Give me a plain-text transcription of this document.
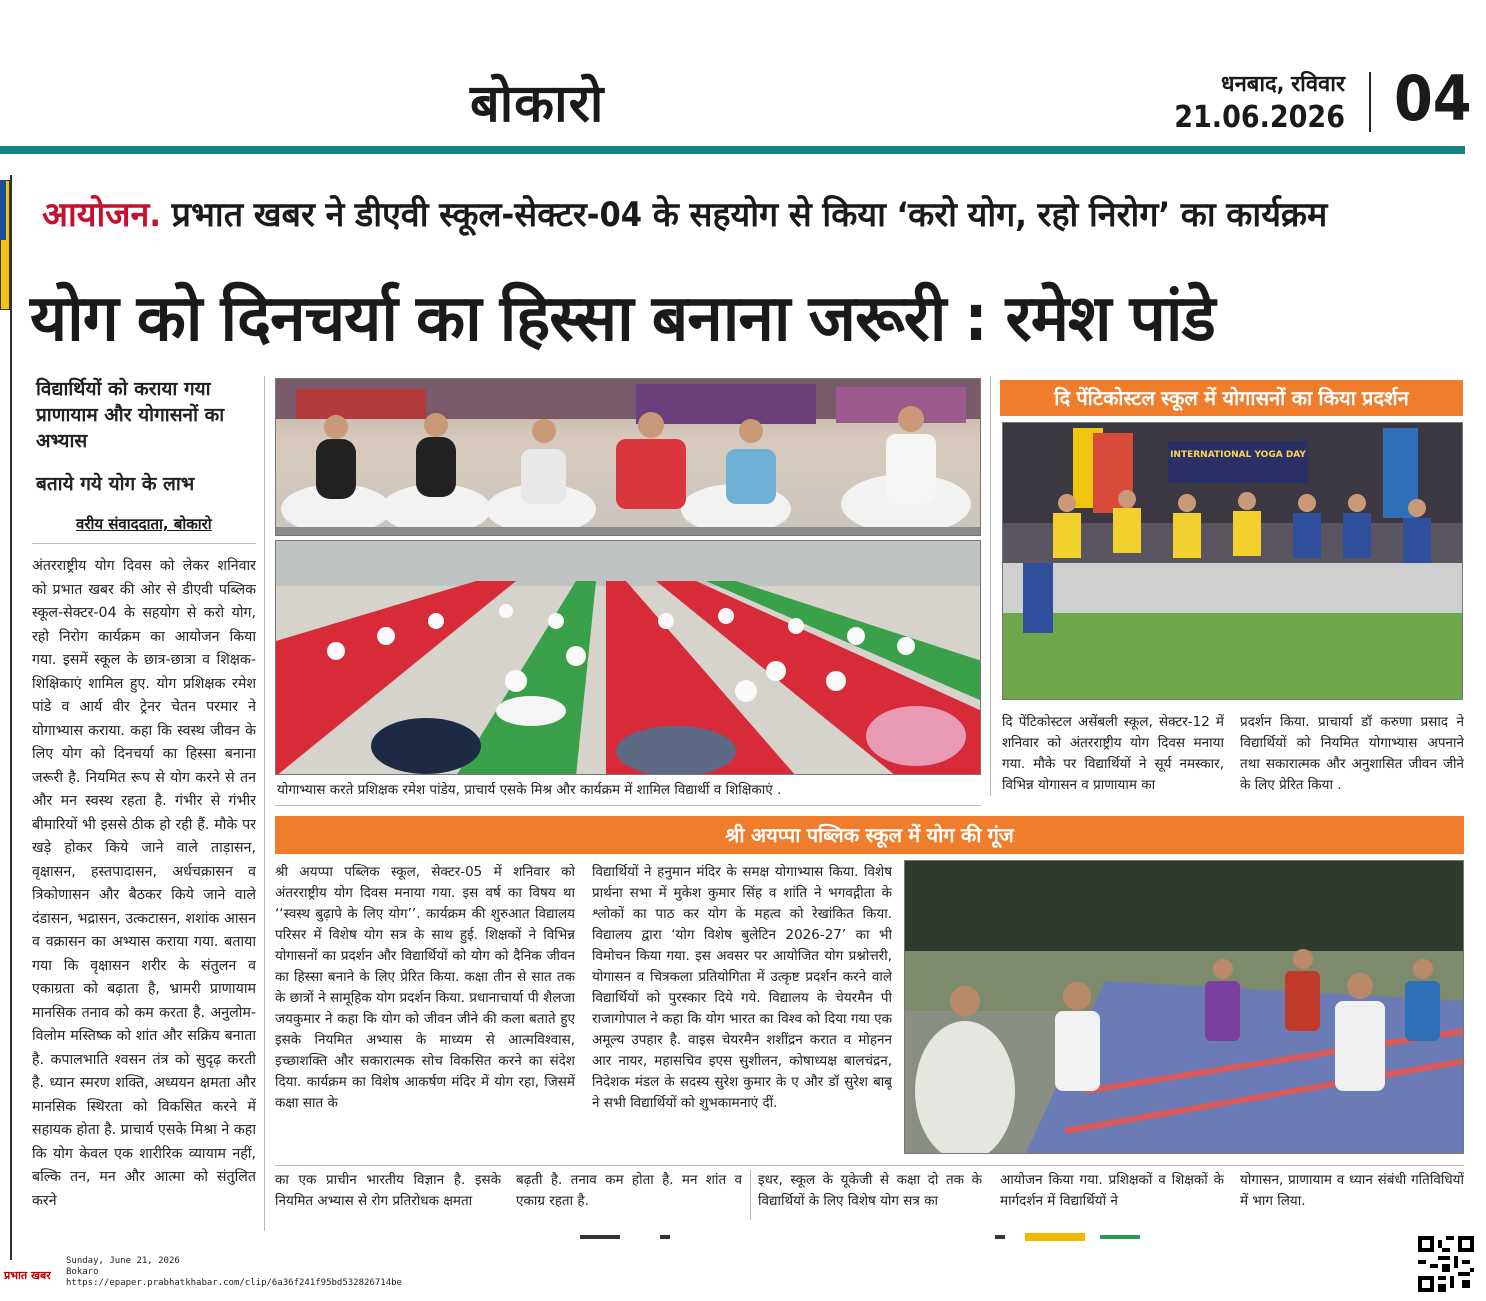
बोकारो	धनबाद, रविवार
21.06.2026 04
आयोजन. प्रभात खबर ने डीएवी स्कूल-सेक्टर-04 के सहयोग से किया ‘करो योग, रहो निरोग’ का कार्यक्रम
योग को दिनचर्या का हिस्सा बनाना जरूरी : रमेश पांडे
विद्यार्थियों को कराया गया प्राणायाम और योगासनों का अभ्यास
बताये गये योग के लाभ
वरीय संवाददाता, बोकारो
अंतरराष्ट्रीय योग दिवस को लेकर शनिवार को प्रभात खबर की ओर से डीएवी पब्लिक स्कूल-सेक्टर-04 के सहयोग से करो योग, रहो निरोग कार्यक्रम का आयोजन किया गया. इसमें स्कूल के छात्र-छात्रा व शिक्षक-शिक्षिकाएं शामिल हुए. योग प्रशिक्षक रमेश पांडे व आर्य वीर ट्रेनर चेतन परमार ने योगाभ्यास कराया. कहा कि स्वस्थ जीवन के लिए योग को दिनचर्या का हिस्सा बनाना जरूरी है. नियमित रूप से योग करने से तन और मन स्वस्थ रहता है. गंभीर से गंभीर बीमारियों भी इससे ठीक हो रही हैं. मौके पर खड़े होकर किये जाने वाले ताड़ासन, वृक्षासन, हस्तपादासन, अर्धचक्रासन व त्रिकोणासन और बैठकर किये जाने वाले दंडासन, भद्रासन, उत्कटासन, शशांक आसन व वक्रासन का अभ्यास कराया गया. बताया गया कि वृक्षासन शरीर के संतुलन व एकाग्रता को बढ़ाता है, भ्रामरी प्राणायाम मानसिक तनाव को कम करता है. अनुलोम-विलोम मस्तिष्क को शांत और सक्रिय बनाता है. कपालभाति श्वसन तंत्र को सुदृढ़ करती है. ध्यान स्मरण शक्ति, अध्ययन क्षमता और मानसिक स्थिरता को विकसित करने में सहायक होता है. प्राचार्य एसके मिश्रा ने कहा कि योग केवल एक शारीरिक व्यायाम नहीं, बल्कि तन, मन और आत्मा को संतुलित करने
योगाभ्यास करते प्रशिक्षक रमेश पांडेय, प्राचार्य एसके मिश्र और कार्यक्रम में शामिल विद्यार्थी व शिक्षिकाएं .
दि पेंटिकोस्टल स्कूल में योगासनों का किया प्रदर्शन
INTERNATIONAL YOGA DAY
दि पेंटिकोस्टल असेंबली स्कूल, सेक्टर-12 में शनिवार को अंतरराष्ट्रीय योग दिवस मनाया गया. मौके पर विद्यार्थियों ने सूर्य नमस्कार, विभिन्न योगासन व प्राणायाम का
प्रदर्शन किया. प्राचार्या डॉ करुणा प्रसाद ने विद्यार्थियों को नियमित योगाभ्यास अपनाने तथा सकारात्मक और अनुशासित जीवन जीने के लिए प्रेरित किया .
श्री अयप्पा पब्लिक स्कूल में योग की गूंज
श्री अयप्पा पब्लिक स्कूल, सेक्टर-05 में शनिवार को अंतरराष्ट्रीय योग दिवस मनाया गया. इस वर्ष का विषय था ‘‘स्वस्थ बुढ़ापे के लिए योग’’. कार्यक्रम की शुरुआत विद्यालय परिसर में विशेष योग सत्र के साथ हुई. शिक्षकों ने विभिन्न योगासनों का प्रदर्शन और विद्यार्थियों को योग को दैनिक जीवन का हिस्सा बनाने के लिए प्रेरित किया. कक्षा तीन से सात तक के छात्रों ने सामूहिक योग प्रदर्शन किया. प्रधानाचार्या पी शैलजा जयकुमार ने कहा कि योग को जीवन जीने की कला बताते हुए इसके नियमित अभ्यास के माध्यम से आत्मविश्वास, इच्छाशक्ति और सकारात्मक सोच विकसित करने का संदेश दिया. कार्यक्रम का विशेष आकर्षण मंदिर में योग रहा, जिसमें कक्षा सात के
विद्यार्थियों ने हनुमान मंदिर के समक्ष योगाभ्यास किया. विशेष प्रार्थना सभा में मुकेश कुमार सिंह व शांति ने भगवद्गीता के श्लोकों का पाठ कर योग के महत्व को रेखांकित किया. विद्यालय द्वारा ‘योग विशेष बुलेटिन 2026-27’ का भी विमोचन किया गया. इस अवसर पर आयोजित योग प्रश्नोत्तरी, योगासन व चित्रकला प्रतियोगिता में उत्कृष्ट प्रदर्शन करने वाले विद्यार्थियों को पुरस्कार दिये गये. विद्यालय के चेयरमैन पी राजागोपाल ने कहा कि योग भारत का विश्व को दिया गया एक अमूल्य उपहार है. वाइस चेयरमैन शशींद्रन करात व मोहनन आर नायर, महासचिव इएस सुशीलन, कोषाध्यक्ष बालचंद्रन, निदेशक मंडल के सदस्य सुरेश कुमार के ए और डॉ सुरेश बाबू ने सभी विद्यार्थियों को शुभकामनाएं दीं.
का एक प्राचीन भारतीय विज्ञान है. इसके नियमित अभ्यास से रोग प्रतिरोधक क्षमता
बढ़ती है. तनाव कम होता है. मन शांत व एकाग्र रहता है.
इधर, स्कूल के यूकेजी से कक्षा दो तक के विद्यार्थियों के लिए विशेष योग सत्र का
आयोजन किया गया. प्रशिक्षकों व शिक्षकों के मार्गदर्शन में विद्यार्थियों ने
योगासन, प्राणायाम व ध्यान संबंधी गतिविधियों में भाग लिया.
प्रभात खबर
Sunday, June 21, 2026
Bokaro
https://epaper.prabhatkhabar.com/clip/6a36f241f95bd532826714be
